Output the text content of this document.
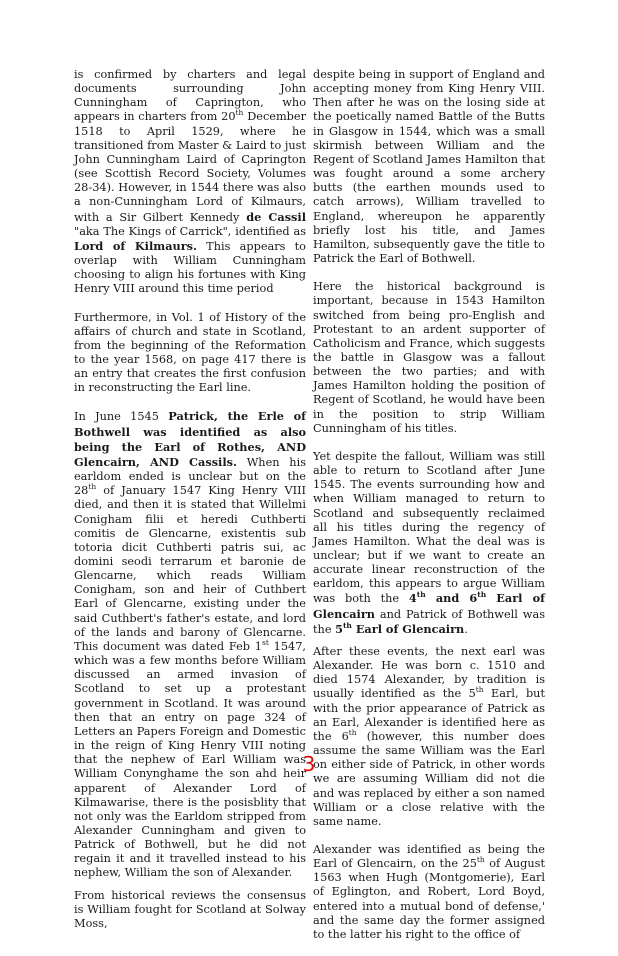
is confirmed by charters and legal documents surrounding John Cunningham of Caprington, who appears in charters from 20th December 1518 to April 1529, where he transitioned from Master & Laird to just John Cunningham Laird of Caprington (see Scottish Record Society, Volumes 28-34). However, in 1544 there was also a non-Cunningham Lord of Kilmaurs, with a Sir Gilbert Kennedy de Cassil "aka The Kings of Carrick", identified as Lord of Kilmaurs. This appears to overlap with William Cunningham choosing to align his fortunes with King Henry VIII around this time period

Furthermore, in Vol. 1 of History of the affairs of church and state in Scotland, from the beginning of the Reformation to the year 1568, on page 417 there is an entry that creates the first confusion in reconstructing the Earl line.

In June 1545 Patrick, the Erle of Bothwell was identified as also being the Earl of Rothes, AND Glencairn, AND Cassils. When his earldom ended is unclear but on the 28th of January 1547 King Henry VIII died, and then it is stated that Willelmi Conigham filii et heredi Cuthberti comitis de Glencarne, existentis sub totoria dicit Cuthberti patris sui, ac domini seodi terrarum et baronie de Glencarne, which reads William Conigham, son and heir of Cuthbert Earl of Glencarne, existing under the said Cuthbert's father's estate, and lord of the lands and barony of Glencarne. This document was dated Feb 1st 1547, which was a few months before William discussed an armed invasion of Scotland to set up a protestant government in Scotland. It was around then that an entry on page 324 of Letters an Papers Foreign and Domestic in the reign of King Henry VIII noting that the nephew of Earl William was William Conynghame the son ahd heir apparent of Alexander Lord of Kilmawarise, there is the posisblity that not only was the Earldom stripped from Alexander Cunningham and given to Patrick of Bothwell, but he did not regain it and it travelled instead to his nephew, William the son of Alexander.

From historical reviews the consensus is William fought for Scotland at Solway Moss,

despite being in support of England and accepting money from King Henry VIII. Then after he was on the losing side at the poetically named Battle of the Butts in Glasgow in 1544, which was a small skirmish between William and the Regent of Scotland James Hamilton that was fought around a some archery butts (the earthen mounds used to catch arrows), William travelled to England, whereupon he apparently briefly lost his title, and James Hamilton, subsequently gave the title to Patrick the Earl of Bothwell.

Here the historical background is important, because in 1543 Hamilton switched from being pro-English and Protestant to an ardent supporter of Catholicism and France, which suggests the battle in Glasgow was a fallout between the two parties; and with James Hamilton holding the position of Regent of Scotland, he would have been in the position to strip William Cunningham of his titles.

Yet despite the fallout, William was still able to return to Scotland after June 1545. The events surrounding how and when William managed to return to Scotland and subsequently reclaimed all his titles during the regency of James Hamilton. What the deal was is unclear; but if we want to create an accurate linear reconstruction of the earldom, this appears to argue William was both the 4th and 6th Earl of Glencairn and Patrick of Bothwell was the 5th Earl of Glencairn.

After these events, the next earl was Alexander. He was born c. 1510 and died 1574 Alexander, by tradition is usually identified as the 5th Earl, but with the prior appearance of Patrick as an Earl, Alexander is identified here as the 6th (however, this number does assume the same William was the Earl on either side of Patrick, in other words we are assuming William did not die and was replaced by either a son named William or a close relative with the same name.

Alexander was identified as being the Earl of Glencairn, on the 25th of August 1563 when Hugh (Montgomerie), Earl of Eglington, and Robert, Lord Boyd, entered into a mutual bond of defense,' and the same day the former assigned to the latter his right to the office of

3
